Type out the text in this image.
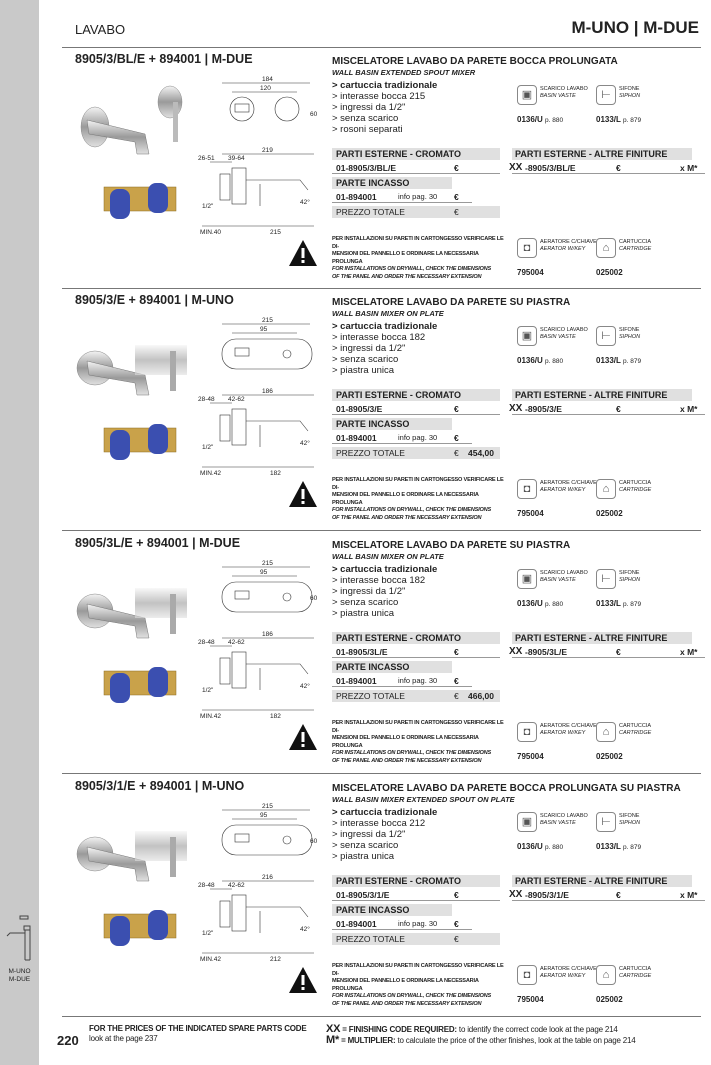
M-UNO
M-DUE
LAVABO	M-UNO | M-DUE
8905/3/BL/E + 894001 | M-DUE
184
120
60
219
26-51 39-64
1/2"
42°
MIN.40	215
MISCELATORE LAVABO DA PARETE BOCCA PROLUNGATA
WALL BASIN EXTENDED SPOUT MIXER
> cartuccia tradizionale
> interasse bocca 215
> ingressi da 1/2"
> senza scarico
> rosoni separati
▣	SCARICO LAVABO
BASIN VASTE
0136/U p. 880
⊢	SIFONE
SIPHON
0133/L p. 879
PARTI ESTERNE - CROMATO
01-8905/3/BL/E	€
PARTE INCASSO
01-894001	info pag. 30 €
PREZZO TOTALE	€
PARTI ESTERNE - ALTRE FINITURE
XX -8905/3/BL/E	€	x M*
PER INSTALLAZIONI SU PARETI IN CARTONGESSO VERIFICARE LE DI-
MENSIONI DEL PANNELLO E ORDINARE LA NECESSARIA PROLUNGA
FOR INSTALLATIONS ON DRYWALL, CHECK THE DIMENSIONS
OF THE PANEL AND ORDER THE NECESSARY EXTENSION
◘	AERATORE C/CHIAVE
AERATOR W/KEY
795004
⌂	CARTUCCIA
CARTRIDGE
025002
8905/3/E + 894001 | M-UNO
215
95
186
28-48 42-62
1/2"
42°
MIN.42	182
MISCELATORE LAVABO DA PARETE SU PIASTRA
WALL BASIN MIXER ON PLATE
> cartuccia tradizionale
> interasse bocca 182
> ingressi da 1/2"
> senza scarico
> piastra unica
▣	SCARICO LAVABO
BASIN VASTE
0136/U p. 880
⊢	SIFONE
SIPHON
0133/L p. 879
PARTI ESTERNE - CROMATO
01-8905/3/E	€
PARTE INCASSO
01-894001	info pag. 30 €
PREZZO TOTALE	€ 454,00
PARTI ESTERNE - ALTRE FINITURE
XX -8905/3/E	€	x M*
PER INSTALLAZIONI SU PARETI IN CARTONGESSO VERIFICARE LE DI-
MENSIONI DEL PANNELLO E ORDINARE LA NECESSARIA PROLUNGA
FOR INSTALLATIONS ON DRYWALL, CHECK THE DIMENSIONS
OF THE PANEL AND ORDER THE NECESSARY EXTENSION
◘	AERATORE C/CHIAVE
AERATOR W/KEY
795004
⌂	CARTUCCIA
CARTRIDGE
025002
8905/3L/E + 894001 | M-DUE
215
95
60
186
28-48 42-62
1/2"
42°
MIN.42	182
MISCELATORE LAVABO DA PARETE SU PIASTRA
WALL BASIN MIXER ON PLATE
> cartuccia tradizionale
> interasse bocca 182
> ingressi da 1/2"
> senza scarico
> piastra unica
▣	SCARICO LAVABO
BASIN VASTE
0136/U p. 880
⊢	SIFONE
SIPHON
0133/L p. 879
PARTI ESTERNE - CROMATO
01-8905/3L/E	€
PARTE INCASSO
01-894001	info pag. 30 €
PREZZO TOTALE	€ 466,00
PARTI ESTERNE - ALTRE FINITURE
XX -8905/3L/E	€	x M*
PER INSTALLAZIONI SU PARETI IN CARTONGESSO VERIFICARE LE DI-
MENSIONI DEL PANNELLO E ORDINARE LA NECESSARIA PROLUNGA
FOR INSTALLATIONS ON DRYWALL, CHECK THE DIMENSIONS
OF THE PANEL AND ORDER THE NECESSARY EXTENSION
◘	AERATORE C/CHIAVE
AERATOR W/KEY
795004
⌂	CARTUCCIA
CARTRIDGE
025002
8905/3/1/E + 894001 | M-UNO
215
95
60
216
28-48 42-62
1/2"
42°
MIN.42	212
MISCELATORE LAVABO DA PARETE BOCCA PROLUNGATA SU PIASTRA
WALL BASIN MIXER EXTENDED SPOUT ON PLATE
> cartuccia tradizionale
> interasse bocca 212
> ingressi da 1/2"
> senza scarico
> piastra unica
▣	SCARICO LAVABO
BASIN VASTE
0136/U p. 880
⊢	SIFONE
SIPHON
0133/L p. 879
PARTI ESTERNE - CROMATO
01-8905/3/1/E	€
PARTE INCASSO
01-894001	info pag. 30 €
PREZZO TOTALE	€
PARTI ESTERNE - ALTRE FINITURE
XX -8905/3/1/E	€	x M*
PER INSTALLAZIONI SU PARETI IN CARTONGESSO VERIFICARE LE DI-
MENSIONI DEL PANNELLO E ORDINARE LA NECESSARIA PROLUNGA
FOR INSTALLATIONS ON DRYWALL, CHECK THE DIMENSIONS
OF THE PANEL AND ORDER THE NECESSARY EXTENSION
◘	AERATORE C/CHIAVE
AERATOR W/KEY
795004
⌂	CARTUCCIA
CARTRIDGE
025002
220
FOR THE PRICES OF THE INDICATED SPARE PARTS CODE
look at the page 237
XX = FINISHING CODE REQUIRED: to identify the correct code look at the page 214
M* = MULTIPLIER: to calculate the price of the other finishes, look at the table on page 214
